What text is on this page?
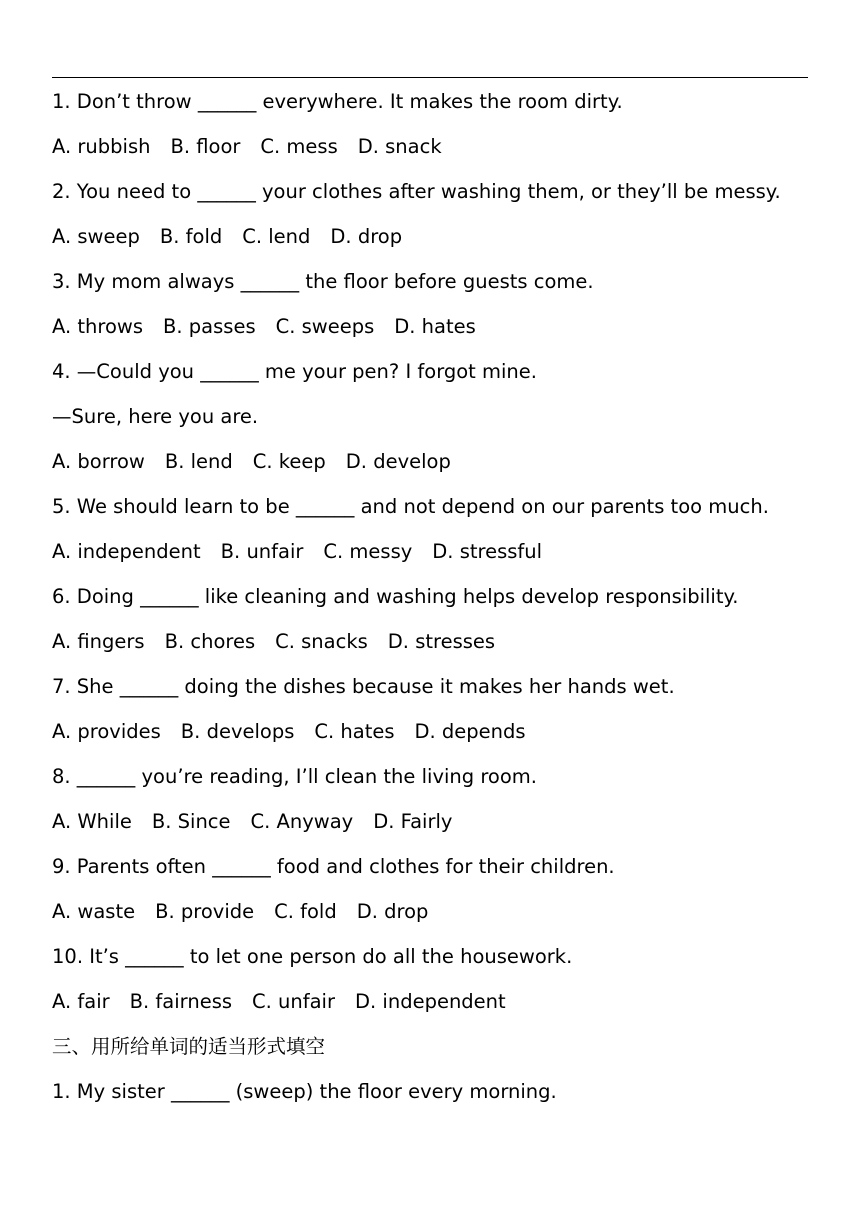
1. Don’t throw ______ everywhere. It makes the room dirty.
A. rubbish B. floor C. mess D. snack
2. You need to ______ your clothes after washing them, or they’ll be messy.
A. sweep B. fold C. lend D. drop
3. My mom always ______ the floor before guests come.
A. throws B. passes C. sweeps D. hates
4. —Could you ______ me your pen? I forgot mine.
—Sure, here you are.
A. borrow B. lend C. keep D. develop
5. We should learn to be ______ and not depend on our parents too much.
A. independent B. unfair C. messy D. stressful
6. Doing ______ like cleaning and washing helps develop responsibility.
A. fingers B. chores C. snacks D. stresses
7. She ______ doing the dishes because it makes her hands wet.
A. provides B. develops C. hates D. depends
8. ______ you’re reading, I’ll clean the living room.
A. While B. Since C. Anyway D. Fairly
9. Parents often ______ food and clothes for their children.
A. waste B. provide C. fold D. drop
10. It’s ______ to let one person do all the housework.
A. fair B. fairness C. unfair D. independent
三、用所给单词的适当形式填空
1. My sister ______ (sweep) the floor every morning.
